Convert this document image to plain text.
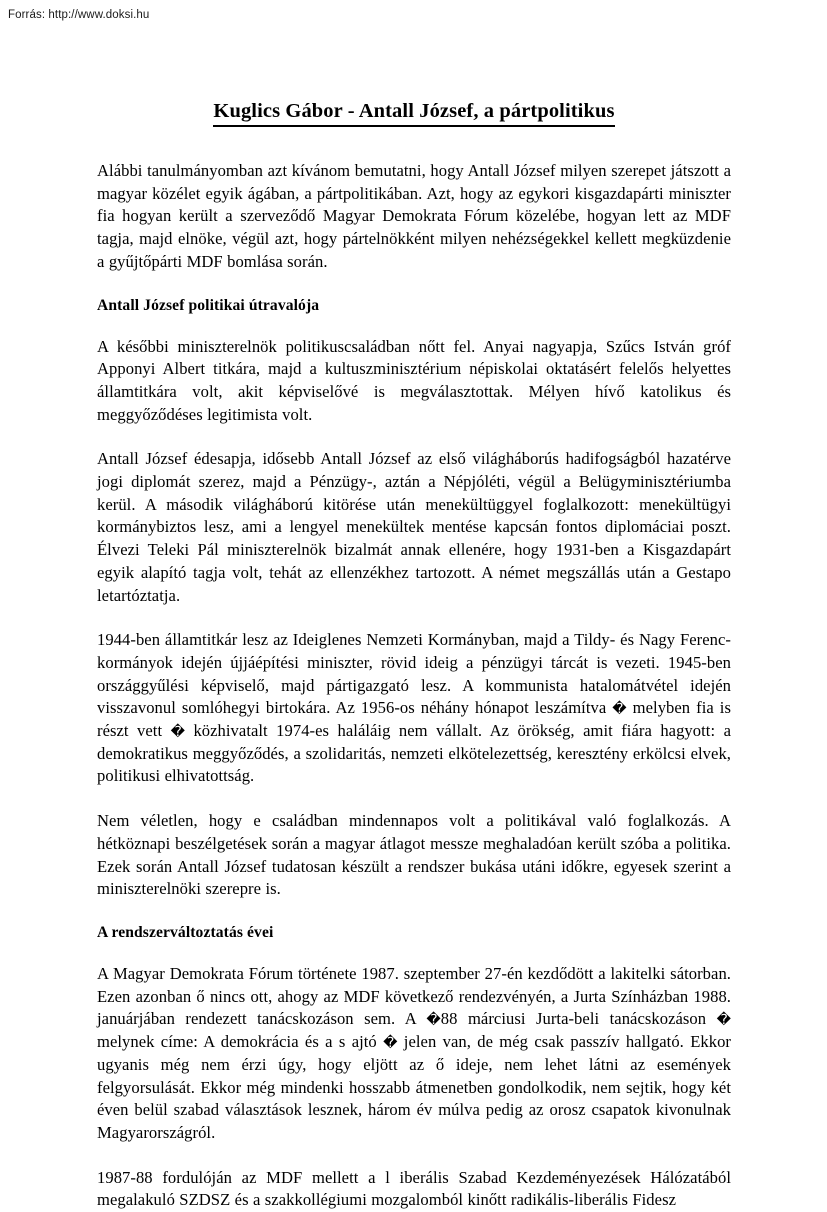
Forrás: http://www.doksi.hu
Kuglics Gábor - Antall József, a pártpolitikus

Alábbi tanulmányomban azt kívánom bemutatni, hogy Antall József milyen szerepet játszott a magyar közélet egyik ágában, a pártpolitikában. Azt, hogy az egykori kisgazdapárti miniszter fia hogyan került a szerveződő Magyar Demokrata Fórum közelébe, hogyan lett az MDF tagja, majd elnöke, végül azt, hogy pártelnökként milyen nehézségekkel kellett megküzdenie a gyűjtőpárti MDF bomlása során.

Antall József politikai útravalója

A későbbi miniszterelnök politikuscsaládban nőtt fel. Anyai nagyapja, Szűcs István gróf Apponyi Albert titkára, majd a kultuszminisztérium népiskolai oktatásért felelős helyettes államtitkára volt, akit képviselővé is megválasztottak. Mélyen hívő katolikus és meggyőződéses legitimista volt.

Antall József édesapja, idősebb Antall József az első világháborús hadifogságból hazatérve jogi diplomát szerez, majd a Pénzügy-, aztán a Népjóléti, végül a Belügyminisztériumba kerül. A második világháború kitörése után menekültüggyel foglalkozott: menekültügyi kormánybiztos lesz, ami a lengyel menekültek mentése kapcsán fontos diplomáciai poszt. Élvezi Teleki Pál miniszterelnök bizalmát annak ellenére, hogy 1931-ben a Kisgazdapárt egyik alapító tagja volt, tehát az ellenzékhez tartozott. A német megszállás után a Gestapo letartóztatja.

1944-ben államtitkár lesz az Ideiglenes Nemzeti Kormányban, majd a Tildy- és Nagy Ferenc-kormányok idején újjáépítési miniszter, rövid ideig a pénzügyi tárcát is vezeti. 1945-ben országgyűlési képviselő, majd pártigazgató lesz. A kommunista hatalomátvétel idején visszavonul somlóhegyi birtokára. Az 1956-os néhány hónapot leszámítva � melyben fia is részt vett � közhivatalt 1974-es haláláig nem vállalt. Az örökség, amit fiára hagyott: a demokratikus meggyőződés, a szolidaritás, nemzeti elkötelezettség, keresztény erkölcsi elvek, politikusi elhivatottság.

Nem véletlen, hogy e családban mindennapos volt a politikával való foglalkozás. A hétköznapi beszélgetések során a magyar átlagot messze meghaladóan került szóba a politika. Ezek során Antall József tudatosan készült a rendszer bukása utáni időkre, egyesek szerint a miniszterelnöki szerepre is.

A rendszerváltoztatás évei

A Magyar Demokrata Fórum története 1987. szeptember 27-én kezdődött a lakitelki sátorban. Ezen azonban ő nincs ott, ahogy az MDF következő rendezvényén, a Jurta Színházban 1988. januárjában rendezett tanácskozáson sem. A �88 márciusi Jurta-beli tanácskozáson � melynek címe: A demokrácia és a s ajtó � jelen van, de még csak passzív hallgató. Ekkor ugyanis még nem érzi úgy, hogy eljött az ő ideje, nem lehet látni az események felgyorsulását. Ekkor még mindenki hosszabb átmenetben gondolkodik, nem sejtik, hogy két éven belül szabad választások lesznek, három év múlva pedig az orosz csapatok kivonulnak Magyarországról.

1987-88 fordulóján az MDF mellett a l iberális Szabad Kezdeményezések Hálózatából megalakuló SZDSZ és a szakkollégiumi mozgalomból kinőtt radikális-liberális Fidesz
